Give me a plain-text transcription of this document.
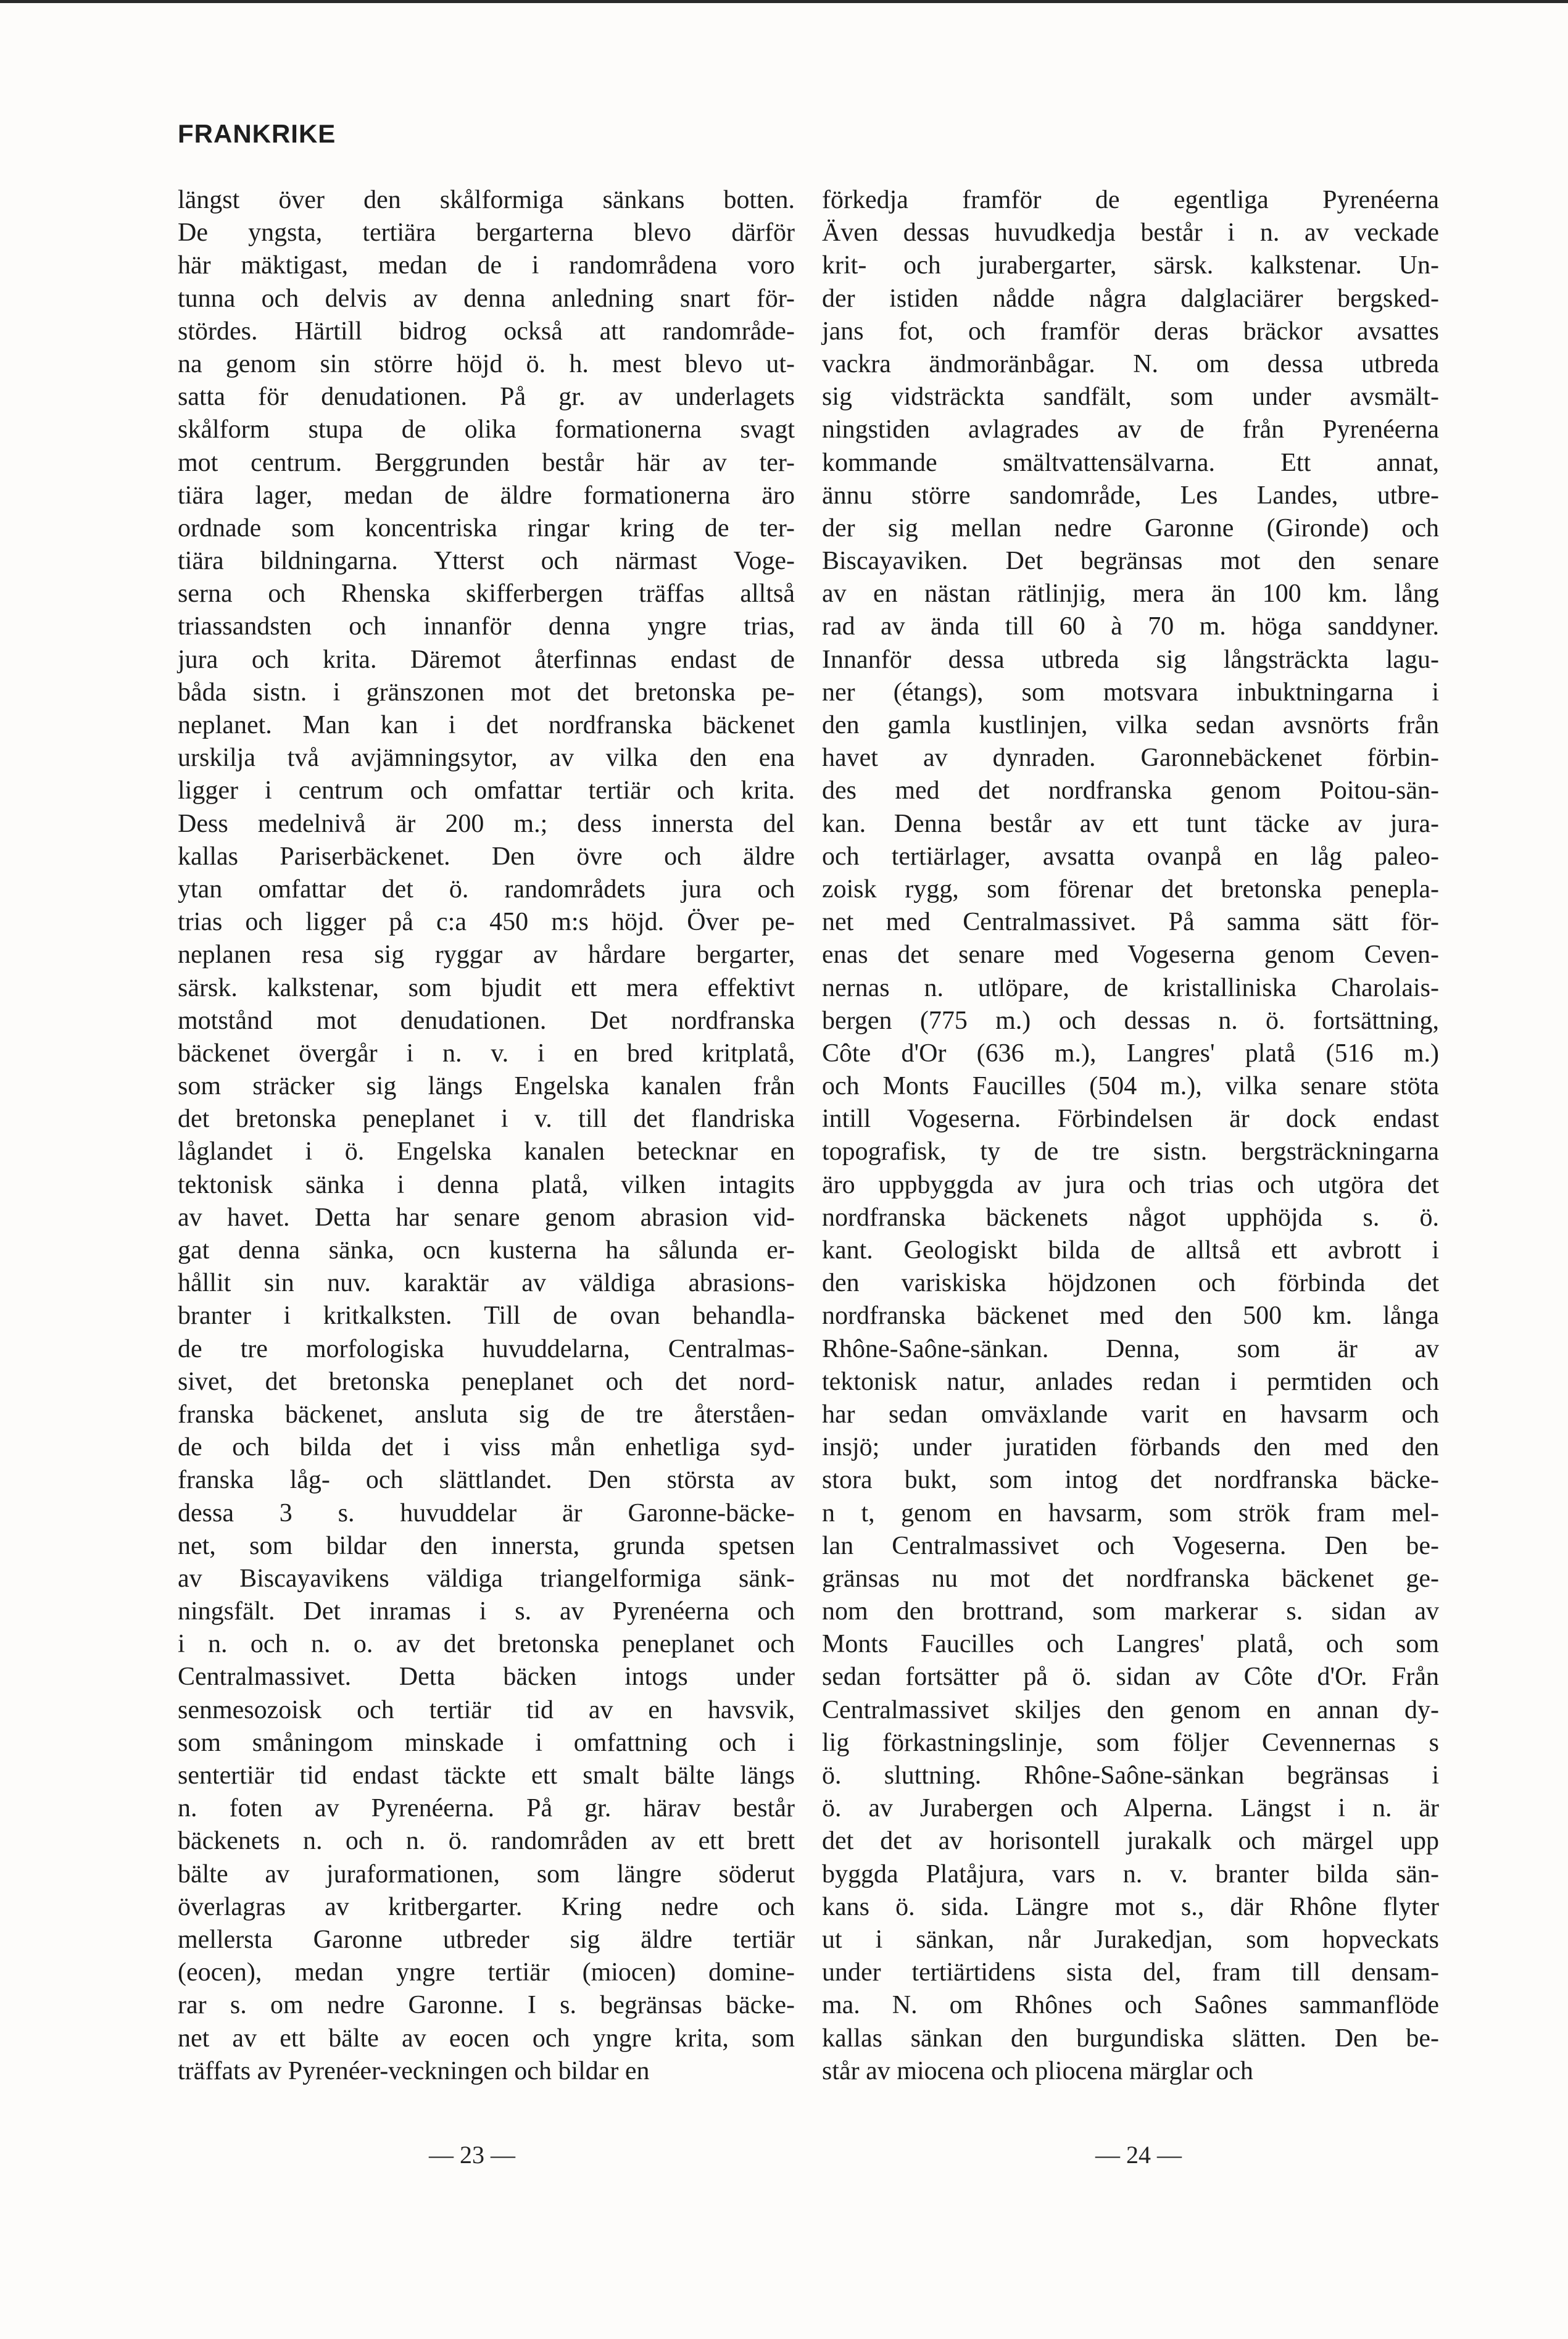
FRANKRIKE
längst över den skålformiga sänkans botten.
De yngsta, tertiära bergarterna blevo därför
här mäktigast, medan de i randområdena voro
tunna och delvis av denna anledning snart för-
stördes. Härtill bidrog också att randområde-
na genom sin större höjd ö. h. mest blevo ut-
satta för denudationen. På gr. av underlagets
skålform stupa de olika formationerna svagt
mot centrum. Berggrunden består här av ter-
tiära lager, medan de äldre formationerna äro
ordnade som koncentriska ringar kring de ter-
tiära bildningarna. Ytterst och närmast Voge-
serna och Rhenska skifferbergen träffas alltså
triassandsten och innanför denna yngre trias,
jura och krita. Däremot återfinnas endast de
båda sistn. i gränszonen mot det bretonska pe-
neplanet. Man kan i det nordfranska bäckenet
urskilja två avjämningsytor, av vilka den ena
ligger i centrum och omfattar tertiär och krita.
Dess medelnivå är 200 m.; dess innersta del
kallas Pariserbäckenet. Den övre och äldre
ytan omfattar det ö. randområdets jura och
trias och ligger på c:a 450 m:s höjd. Över pe-
neplanen resa sig ryggar av hårdare bergarter,
särsk. kalkstenar, som bjudit ett mera effektivt
motstånd mot denudationen. Det nordfranska
bäckenet övergår i n. v. i en bred kritplatå,
som sträcker sig längs Engelska kanalen från
det bretonska peneplanet i v. till det flandriska
låglandet i ö. Engelska kanalen betecknar en
tektonisk sänka i denna platå, vilken intagits
av havet. Detta har senare genom abrasion vid-
gat denna sänka, ocn kusterna ha sålunda er-
hållit sin nuv. karaktär av väldiga abrasions-
branter i kritkalksten. Till de ovan behandla-
de tre morfologiska huvuddelarna, Centralmas-
sivet, det bretonska peneplanet och det nord-
franska bäckenet, ansluta sig de tre återståen-
de och bilda det i viss mån enhetliga syd-
franska låg- och slättlandet. Den största av
dessa 3 s. huvuddelar är Garonne-bäcke-
net, som bildar den innersta, grunda spetsen
av Biscayavikens väldiga triangelformiga sänk-
ningsfält. Det inramas i s. av Pyrenéerna och
i n. och n. o. av det bretonska peneplanet och
Centralmassivet. Detta bäcken intogs under
senmesozoisk och tertiär tid av en havsvik,
som småningom minskade i omfattning och i
sentertiär tid endast täckte ett smalt bälte längs
n. foten av Pyrenéerna. På gr. härav består
bäckenets n. och n. ö. randområden av ett brett
bälte av juraformationen, som längre söderut
överlagras av kritbergarter. Kring nedre och
mellersta Garonne utbreder sig äldre tertiär
(eocen), medan yngre tertiär (miocen) domine-
rar s. om nedre Garonne. I s. begränsas bäcke-
net av ett bälte av eocen och yngre krita, som
träffats av Pyrenéer-veckningen och bildar en
förkedja framför de egentliga Pyrenéerna
Även dessas huvudkedja består i n. av veckade
krit- och jurabergarter, särsk. kalkstenar. Un-
der istiden nådde några dalglaciärer bergsked-
jans fot, och framför deras bräckor avsattes
vackra ändmoränbågar. N. om dessa utbreda
sig vidsträckta sandfält, som under avsmält-
ningstiden avlagrades av de från Pyrenéerna
kommande smältvattensälvarna. Ett annat,
ännu större sandområde, Les Landes, utbre-
der sig mellan nedre Garonne (Gironde) och
Biscayaviken. Det begränsas mot den senare
av en nästan rätlinjig, mera än 100 km. lång
rad av ända till 60 à 70 m. höga sanddyner.
Innanför dessa utbreda sig långsträckta lagu-
ner (étangs), som motsvara inbuktningarna i
den gamla kustlinjen, vilka sedan avsnörts från
havet av dynraden. Garonnebäckenet förbin-
des med det nordfranska genom Poitou-sän-
kan. Denna består av ett tunt täcke av jura-
och tertiärlager, avsatta ovanpå en låg paleo-
zoisk rygg, som förenar det bretonska penepla-
net med Centralmassivet. På samma sätt för-
enas det senare med Vogeserna genom Ceven-
nernas n. utlöpare, de kristalliniska Charolais-
bergen (775 m.) och dessas n. ö. fortsättning,
Côte d'Or (636 m.), Langres' platå (516 m.)
och Monts Faucilles (504 m.), vilka senare stöta
intill Vogeserna. Förbindelsen är dock endast
topografisk, ty de tre sistn. bergsträckningarna
äro uppbyggda av jura och trias och utgöra det
nordfranska bäckenets något upphöjda s. ö.
kant. Geologiskt bilda de alltså ett avbrott i
den variskiska höjdzonen och förbinda det
nordfranska bäckenet med den 500 km. långa
Rhône-Saône-sänkan. Denna, som är av
tektonisk natur, anlades redan i permtiden och
har sedan omväxlande varit en havsarm och
insjö; under juratiden förbands den med den
stora bukt, som intog det nordfranska bäcke-
n t, genom en havsarm, som strök fram mel-
lan Centralmassivet och Vogeserna. Den be-
gränsas nu mot det nordfranska bäckenet ge-
nom den brottrand, som markerar s. sidan av
Monts Faucilles och Langres' platå, och som
sedan fortsätter på ö. sidan av Côte d'Or. Från
Centralmassivet skiljes den genom en annan dy-
lig förkastningslinje, som följer Cevennernas s
ö. sluttning. Rhône-Saône-sänkan begränsas i
ö. av Jurabergen och Alperna. Längst i n. är
det det av horisontell jurakalk och märgel upp
byggda Platåjura, vars n. v. branter bilda sän-
kans ö. sida. Längre mot s., där Rhône flyter
ut i sänkan, når Jurakedjan, som hopveckats
under tertiärtidens sista del, fram till densam-
ma. N. om Rhônes och Saônes sammanflöde
kallas sänkan den burgundiska slätten. Den be-
står av miocena och pliocena märglar och
— 23 —	— 24 —
